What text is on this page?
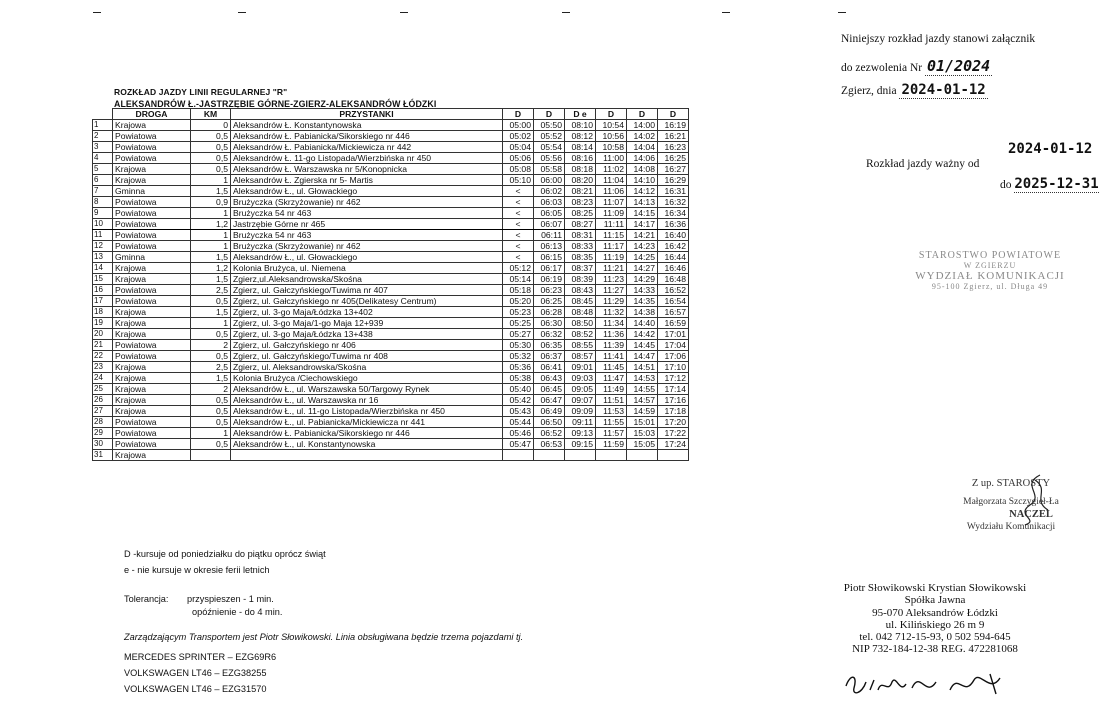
ROZKŁAD JAZDY LINII REGULARNEJ "R"
ALEKSANDRÓW Ł.-JASTRZĘBIE GÓRNE-ZGIERZ-ALEKSANDRÓW ŁÓDZKI
	DROGA	KM	PRZYSTANKI	D	D	D e	D	D	D
1	Krajowa	0	Aleksandrów Ł. Konstantynowska	05:00	05:50	08:10	10:54	14:00	16:19
2	Powiatowa	0,5	Aleksandrów Ł. Pabianicka/Sikorskiego nr 446	05:02	05:52	08:12	10:56	14:02	16:21
3	Powiatowa	0,5	Aleksandrów Ł. Pabianicka/Mickiewicza nr 442	05:04	05:54	08:14	10:58	14:04	16:23
4	Powiatowa	0,5	Aleksandrów Ł. 11-go Listopada/Wierzbińska nr 450	05:06	05:56	08:16	11:00	14:06	16:25
5	Krajowa	0,5	Aleksandrów Ł. Warszawska nr 5/Konopnicka	05:08	05:58	08:18	11:02	14:08	16:27
6	Krajowa	1	Aleksandrów Ł. Zgierska nr 5- Martis	05:10	06:00	08:20	11:04	14:10	16:29
7	Gminna	1,5	Aleksandrów Ł., ul. Głowackiego	<	06:02	08:21	11:06	14:12	16:31
8	Powiatowa	0,9	Brużyczka (Skrzyżowanie) nr 462	<	06:03	08:23	11:07	14:13	16:32
9	Powiatowa	1	Brużyczka 54 nr 463	<	06:05	08:25	11:09	14:15	16:34
10	Powiatowa	1,2	Jastrzębie Górne nr 465	<	06:07	08:27	11:11	14:17	16:36
11	Powiatowa	1	Brużyczka 54 nr 463	<	06:11	08:31	11:15	14:21	16:40
12	Powiatowa	1	Brużyczka (Skrzyżowanie) nr 462	<	06:13	08:33	11:17	14:23	16:42
13	Gminna	1,5	Aleksandrów Ł., ul. Głowackiego	<	06:15	08:35	11:19	14:25	16:44
14	Krajowa	1,2	Kolonia Brużyca, ul. Niemena	05:12	06:17	08:37	11:21	14:27	16:46
15	Krajowa	1,5	Zgierz,ul.Aleksandrowska/Skośna	05:14	06:19	08:39	11:23	14:29	16:48
16	Powiatowa	2,5	Zgierz, ul. Gałczyńskiego/Tuwima nr 407	05:18	06:23	08:43	11:27	14:33	16:52
17	Powiatowa	0,5	Zgierz, ul. Gałczyńskiego nr 405(Delikatesy Centrum)	05:20	06:25	08:45	11:29	14:35	16:54
18	Krajowa	1,5	Zgierz, ul. 3-go Maja/Łódzka 13+402	05:23	06:28	08:48	11:32	14:38	16:57
19	Krajowa	1	Zgierz, ul. 3-go Maja/1-go Maja 12+939	05:25	06:30	08:50	11:34	14:40	16:59
20	Krajowa	0,5	Zgierz, ul. 3-go Maja/Łódzka 13+438	05:27	06:32	08:52	11:36	14:42	17:01
21	Powiatowa	2	Zgierz, ul. Gałczyńskiego nr 406	05:30	06:35	08:55	11:39	14:45	17:04
22	Powiatowa	0,5	Zgierz, ul. Gałczyńskiego/Tuwima nr 408	05:32	06:37	08:57	11:41	14:47	17:06
23	Krajowa	2,5	Zgierz, ul. Aleksandrowska/Skośna	05:36	06:41	09:01	11:45	14:51	17:10
24	Krajowa	1,5	Kolonia Brużyca /Ciechowskiego	05:38	06:43	09:03	11:47	14:53	17:12
25	Krajowa	2	Aleksandrów Ł., ul. Warszawska 50/Targowy Rynek	05:40	06:45	09:05	11:49	14:55	17:14
26	Krajowa	0,5	Aleksandrów Ł., ul. Warszawska nr 16	05:42	06:47	09:07	11:51	14:57	17:16
27	Krajowa	0,5	Aleksandrów Ł., ul. 11-go Listopada/Wierzbińska nr 450	05:43	06:49	09:09	11:53	14:59	17:18
28	Powiatowa	0,5	Aleksandrów Ł., ul. Pabianicka/Mickiewicza nr 441	05:44	06:50	09:11	11:55	15:01	17:20
29	Powiatowa	1	Aleksandrów Ł. Pabianicka/Sikorskiego nr 446	05:46	06:52	09:13	11:57	15:03	17:22
30	Powiatowa	0,5	Aleksandrów Ł., ul. Konstantynowska	05:47	06:53	09:15	11:59	15:05	17:24
31	Krajowa								
D -kursuje od poniedziałku do piątku oprócz świąt
e - nie kursuje w okresie ferii letnich
Tolerancja: przyspieszen - 1 min.
opóźnienie - do 4 min.
Zarządzającym Transportem jest Piotr Słowikowski. Linia obsługiwana będzie trzema pojazdami tj.
MERCEDES SPRINTER – EZG69R6
VOLKSWAGEN LT46 – EZG38255
VOLKSWAGEN LT46 – EZG31570
Niniejszy rozkład jazdy stanowi załącznik
do zezwolenia Nr 01/2024
Zgierz, dnia 2024-01-12
2024-01-12
Rozkład jazdy ważny od
do 2025-12-31
STAROSTWO POWIATOWE
W ZGIERZU
WYDZIAŁ KOMUNIKACJI
95-100 Zgierz, ul. Długa 49
Z up. STAROSTY
Małgorzata Szczygieł-Ła
NACZEL
Wydziału Komunikacji
Piotr Słowikowski Krystian Słowikowski
Spółka Jawna
95-070 Aleksandrów Łódzki
ul. Kilińskiego 26 m 9
tel. 042 712-15-93, 0 502 594-645
NIP 732-184-12-38 REG. 472281068
